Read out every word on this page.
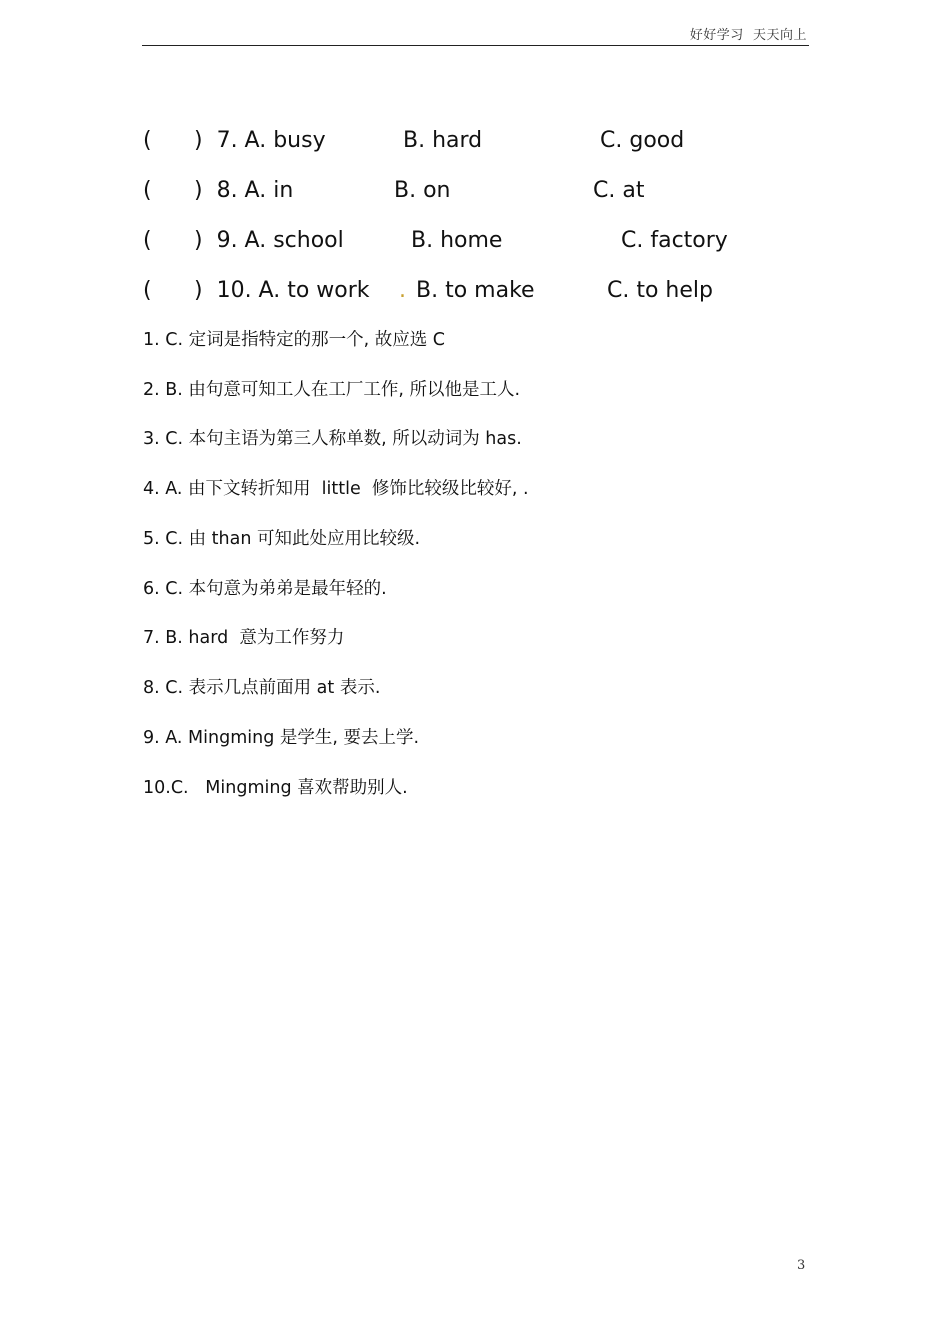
好好学习  天天向上
( )  7. A. busy	B. hard	C. good
( )  8. A. in	B. on	C. at
( )  9. A. school	B. home	C. factory
( )  10. A. to work . B. to make	C. to help
1. C. 定词是指特定的那一个, 故应选 C
2. B. 由句意可知工人在工厂工作, 所以他是工人.
3. C. 本句主语为第三人称单数, 所以动词为 has.
4. A. 由下文转折知用  little  修饰比较级比较好, .
5. C. 由 than 可知此处应用比较级.
6. C. 本句意为弟弟是最年轻的.
7. B. hard  意为工作努力
8. C. 表示几点前面用 at 表示.
9. A. Mingming 是学生, 要去上学.
10.C.   Mingming 喜欢帮助别人.
3
